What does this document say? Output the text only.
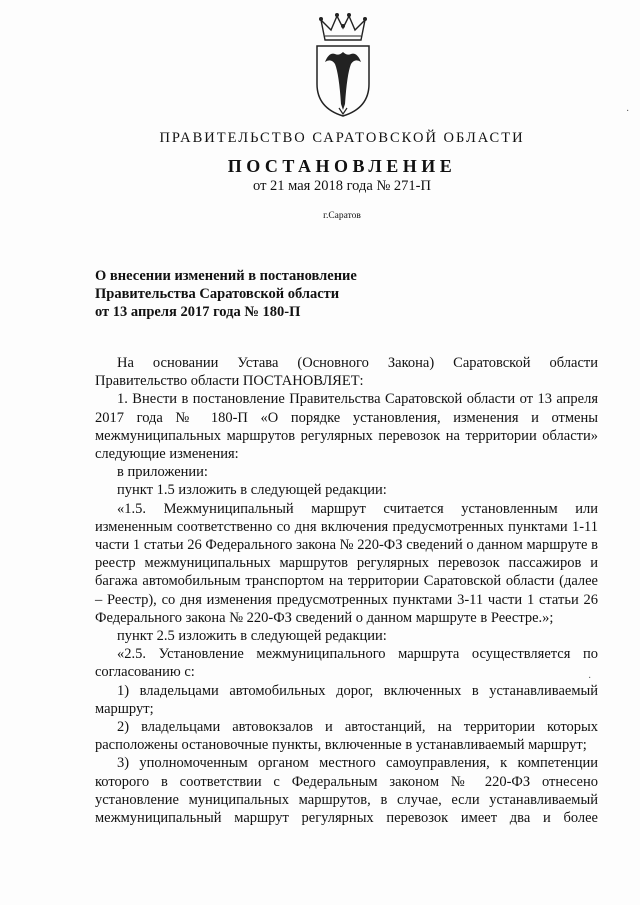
ПРАВИТЕЛЬСТВО САРАТОВСКОЙ ОБЛАСТИ
ПОСТАНОВЛЕНИЕ
от 21 мая 2018 года № 271-П
г.Саратов
О внесении изменений в постановление
Правительства Саратовской области
от 13 апреля 2017 года № 180-П

На основании Устава (Основного Закона) Саратовской области Правительство области ПОСТАНОВЛЯЕТ:

1. Внести в постановление Правительства Саратовской области от 13 апреля 2017 года № 180-П «О порядке установления, изменения и отмены межмуниципальных маршрутов регулярных перевозок на территории области» следующие изменения:

в приложении:

пункт 1.5 изложить в следующей редакции:

«1.5. Межмуниципальный маршрут считается установленным или измененным соответственно со дня включения предусмотренных пунктами 1-11 части 1 статьи 26 Федерального закона № 220-ФЗ сведений о данном маршруте в реестр межмуниципальных маршрутов регулярных перевозок пассажиров и багажа автомобильным транспортом на территории Саратовской области (далее – Реестр), со дня изменения предусмотренных пунктами 3-11 части 1 статьи 26 Федерального закона № 220-ФЗ сведений о данном маршруте в Реестре.»;

пункт 2.5 изложить в следующей редакции:

«2.5. Установление межмуниципального маршрута осуществляется по согласованию с:

1) владельцами автомобильных дорог, включенных в устанавливаемый маршрут;

2) владельцами автовокзалов и автостанций, на территории которых расположены остановочные пункты, включенные в устанавливаемый маршрут;

3) уполномоченным органом местного самоуправления, к компетенции которого в соответствии с Федеральным законом № 220-ФЗ отнесено установление муниципальных маршрутов, в случае, если устанавливаемый межмуниципальный маршрут регулярных перевозок имеет два и более

·
·
